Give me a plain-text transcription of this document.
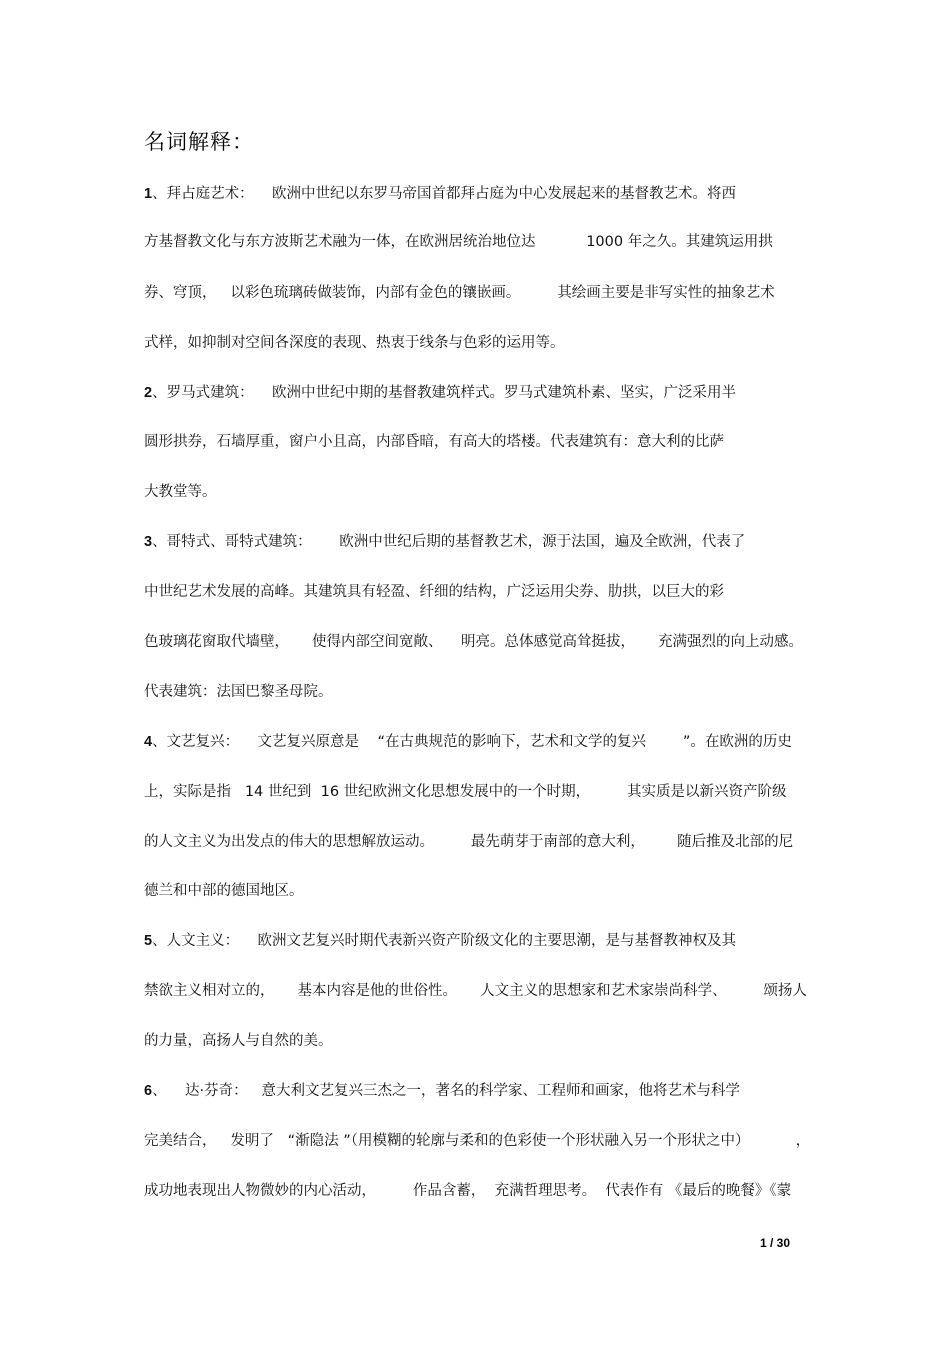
名词解释：
1、拜占庭艺术：    欧洲中世纪以东罗马帝国首都拜占庭为中心发展起来的基督教艺术。将西
方基督教文化与东方波斯艺术融为一体，在欧洲居统治地位达           1000 年之久。其建筑运用拱
券、穹顶，   以彩色琉璃砖做装饰，内部有金色的镶嵌画。        其绘画主要是非写实性的抽象艺术
式样，如抑制对空间各深度的表现、热衷于线条与色彩的运用等。
2、罗马式建筑：    欧洲中世纪中期的基督教建筑样式。罗马式建筑朴素、坚实，广泛采用半
圆形拱券，石墙厚重，窗户小且高，内部昏暗，有高大的塔楼。代表建筑有：意大利的比萨
大教堂等。
3、哥特式、哥特式建筑：      欧洲中世纪后期的基督教艺术，源于法国，遍及全欧洲，代表了
中世纪艺术发展的高峰。其建筑具有轻盈、纤细的结构，广泛运用尖券、肋拱，以巨大的彩
色玻璃花窗取代墙壁，     使得内部空间宽敞、    明亮。总体感觉高耸挺拔，     充满强烈的向上动感。
代表建筑：法国巴黎圣母院。
4、文艺复兴：    文艺复兴原意是    “在古典规范的影响下，艺术和文学的复兴        ”。在欧洲的历史
上，实际是指   14 世纪到  16 世纪欧洲文化思想发展中的一个时期，        其实质是以新兴资产阶级
的人文主义为出发点的伟大的思想解放运动。        最先萌芽于南部的意大利，       随后推及北部的尼
德兰和中部的德国地区。
5、人文主义：    欧洲文艺复兴时期代表新兴资产阶级文化的主要思潮，是与基督教神权及其
禁欲主义相对立的，     基本内容是他的世俗性。     人文主义的思想家和艺术家崇尚科学、        颂扬人
的力量，高扬人与自然的美。
6、    达·芬奇：   意大利文艺复兴三杰之一，著名的科学家、工程师和画家，他将艺术与科学
完美结合，   发明了   “渐隐法 ”（用模糊的轮廓与柔和的色彩使一个形状融入另一个形状之中）          ，
成功地表现出人物微妙的内心活动，        作品含蓄，  充满哲理思考。  代表作有 《最后的晚餐》《蒙
1 / 30
